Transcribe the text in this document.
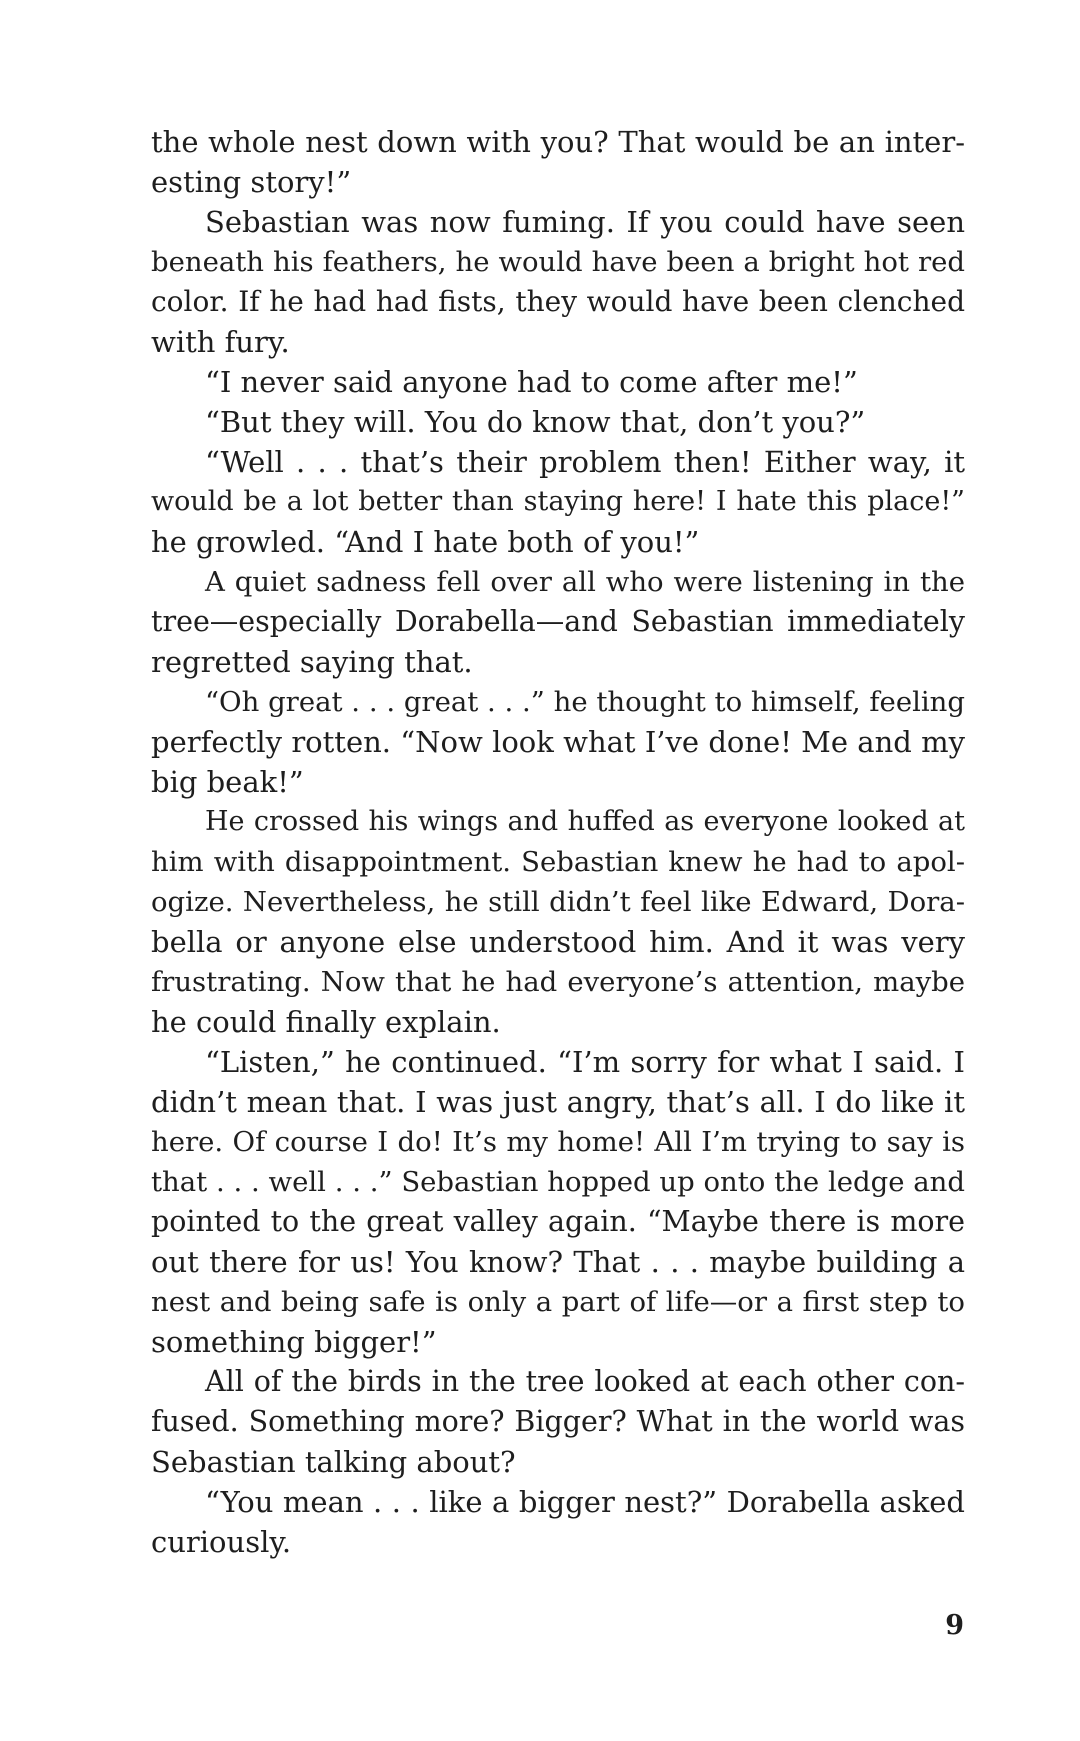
the whole nest down with you? That would be an inter-
esting story!”
Sebastian was now fuming. If you could have seen
beneath his feathers, he would have been a bright hot red
color. If he had had fists, they would have been clenched
with fury.
“I never said anyone had to come after me!”
“But they will. You do know that, don’t you?”
“Well . . . that’s their problem then! Either way, it
would be a lot better than staying here! I hate this place!”
he growled. “And I hate both of you!”
A quiet sadness fell over all who were listening in the
tree—especially Dorabella—and Sebastian immediately
regretted saying that.
“Oh great . . . great . . .” he thought to himself, feeling
perfectly rotten. “Now look what I’ve done! Me and my
big beak!”
He crossed his wings and huffed as everyone looked at
him with disappointment. Sebastian knew he had to apol-
ogize. Nevertheless, he still didn’t feel like Edward, Dora-
bella or anyone else understood him. And it was very
frustrating. Now that he had everyone’s attention, maybe
he could finally explain.
“Listen,” he continued. “I’m sorry for what I said. I
didn’t mean that. I was just angry, that’s all. I do like it
here. Of course I do! It’s my home! All I’m trying to say is
that . . . well . . .” Sebastian hopped up onto the ledge and
pointed to the great valley again. “Maybe there is more
out there for us! You know? That . . . maybe building a
nest and being safe is only a part of life—or a first step to
something bigger!”
All of the birds in the tree looked at each other con-
fused. Something more? Bigger? What in the world was
Sebastian talking about?
“You mean . . . like a bigger nest?” Dorabella asked
curiously.
9
